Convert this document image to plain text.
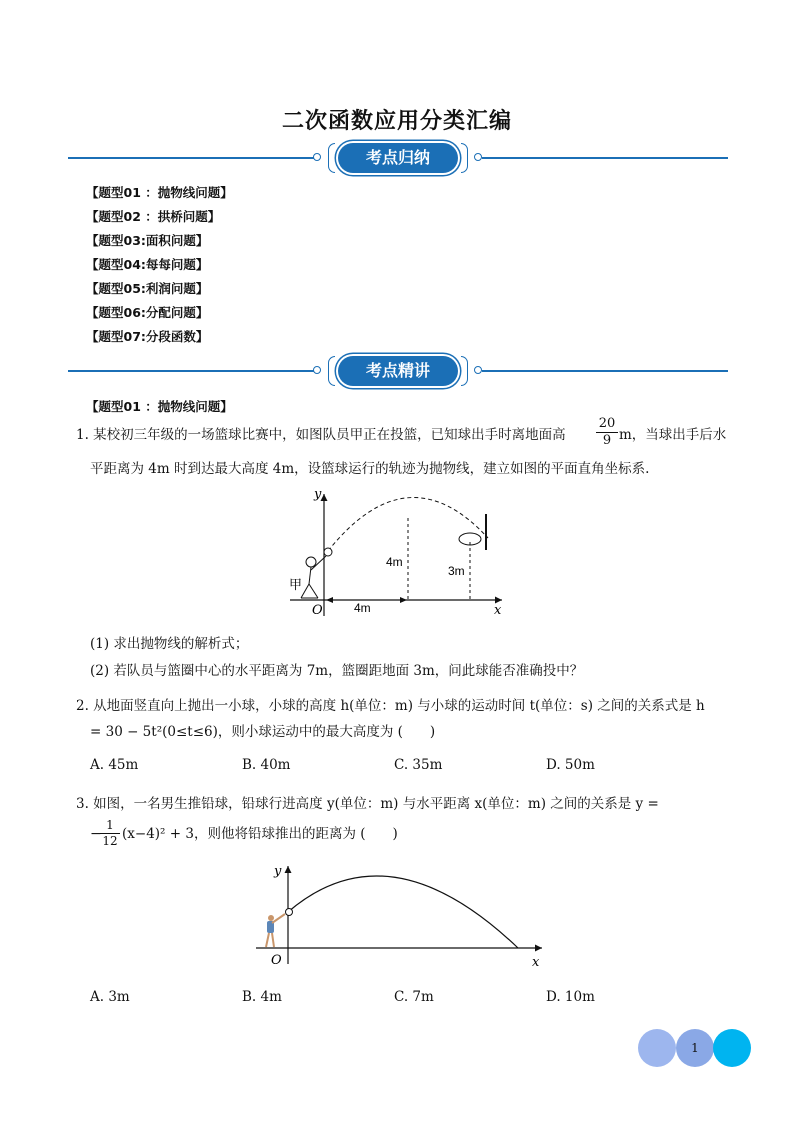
二次函数应用分类汇编
考点归纳
【题型01 ：抛物线问题】
【题型02 ：拱桥问题】
【题型03:面积问题】
【题型04:每每问题】
【题型05:利润问题】
【题型06:分配问题】
【题型07:分段函数】
考点精讲
【题型01 ：抛物线问题】
1. 某校初三年级的一场篮球比赛中，如图队员甲正在投篮，已知球出手时离地面高 $\frac{20}{9}$ m，当球出手后水
平距离为 4m 时到达最大高度 4m，设篮球运行的轨迹为抛物线，建立如图的平面直角坐标系.
y
x
O
甲
4m
4m
3m
(1) 求出抛物线的解析式；
(2) 若队员与篮圈中心的水平距离为 7m，篮圈距地面 3m，问此球能否准确投中？
2. 从地面竖直向上抛出一小球，小球的高度 h(单位：m) 与小球的运动时间 t(单位：s) 之间的关系式是 h
= 30 − 5t²(0≤t≤6)，则小球运动中的最大高度为 (　　)
A. 45m	B. 40m	C. 35m	D. 50m
3. 如图，一名男生推铅球，铅球行进高度 y(单位：m) 与水平距离 x(单位：m) 之间的关系是 y =
−
$\frac{1}{12} (x-4)^2 + 3$，则他将铅球推出的距离为 (　　)
y
x
O
A. 3m	B. 4m	C. 7m	D. 10m
1
